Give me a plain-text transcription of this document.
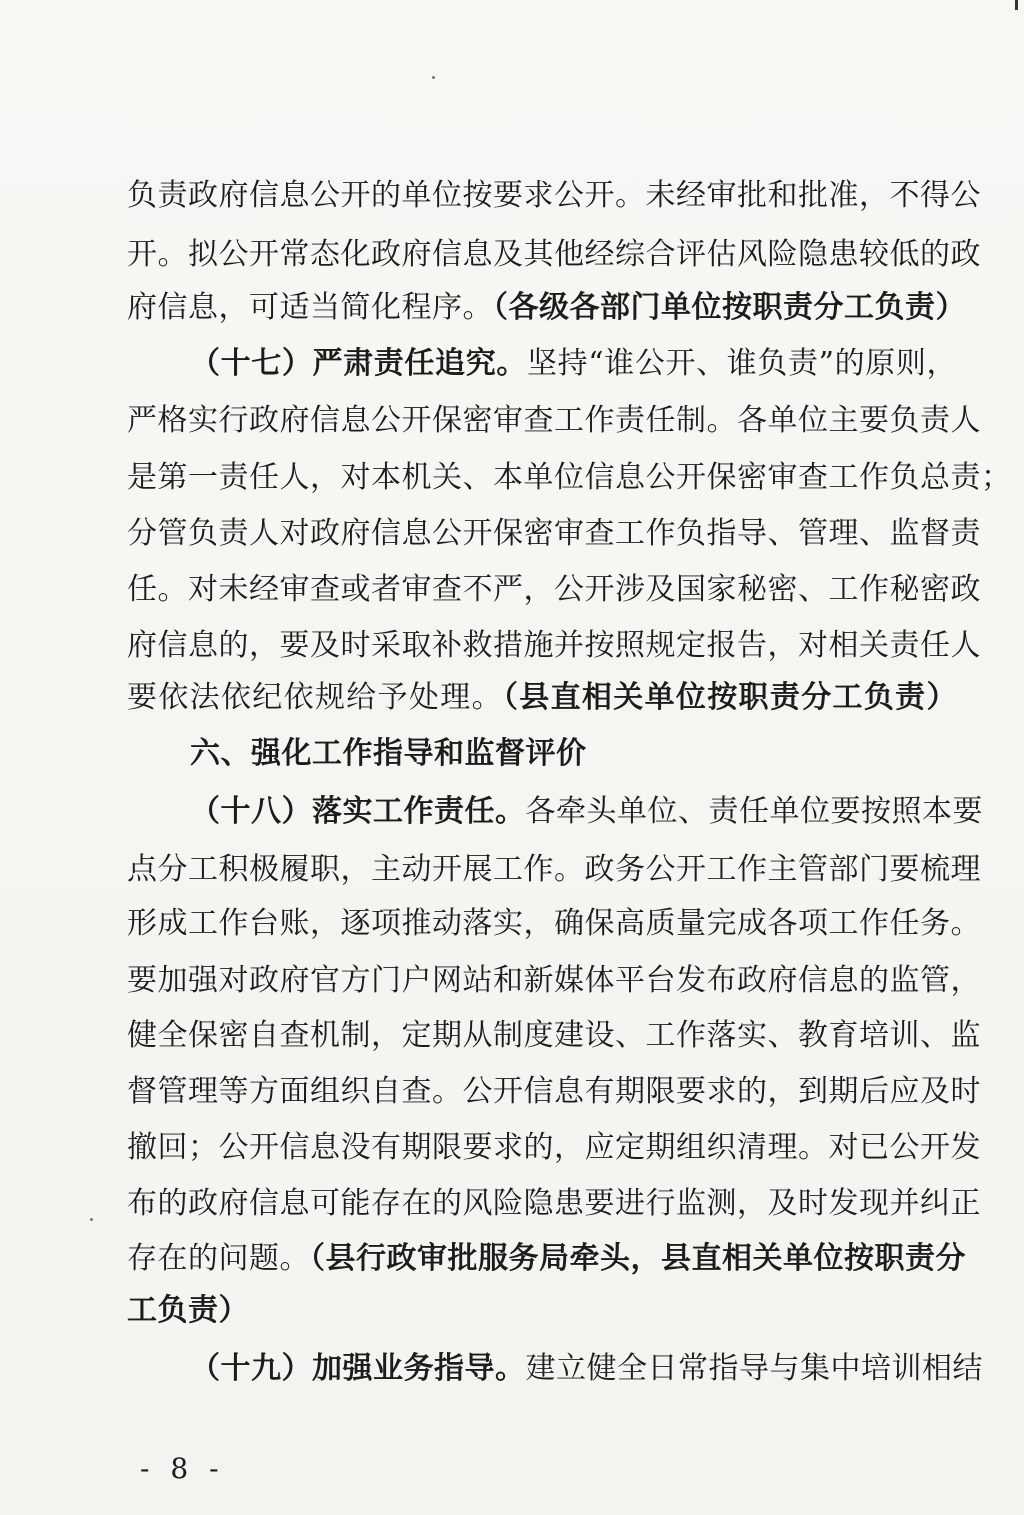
负责政府信息公开的单位按要求公开。未经审批和批准，不得公
开。拟公开常态化政府信息及其他经综合评估风险隐患较低的政
府信息，可适当简化程序。（各级各部门单位按职责分工负责）
（十七）严肃责任追究。坚持“谁公开、谁负责”的原则，
严格实行政府信息公开保密审查工作责任制。各单位主要负责人
是第一责任人，对本机关、本单位信息公开保密审查工作负总责；
分管负责人对政府信息公开保密审查工作负指导、管理、监督责
任。对未经审查或者审查不严，公开涉及国家秘密、工作秘密政
府信息的，要及时采取补救措施并按照规定报告，对相关责任人
要依法依纪依规给予处理。（县直相关单位按职责分工负责）
六、强化工作指导和监督评价
（十八）落实工作责任。各牵头单位、责任单位要按照本要
点分工积极履职，主动开展工作。政务公开工作主管部门要梳理
形成工作台账，逐项推动落实，确保高质量完成各项工作任务。
要加强对政府官方门户网站和新媒体平台发布政府信息的监管，
健全保密自查机制，定期从制度建设、工作落实、教育培训、监
督管理等方面组织自查。公开信息有期限要求的，到期后应及时
撤回；公开信息没有期限要求的，应定期组织清理。对已公开发
布的政府信息可能存在的风险隐患要进行监测，及时发现并纠正
存在的问题。（县行政审批服务局牵头，县直相关单位按职责分
工负责）
（十九）加强业务指导。建立健全日常指导与集中培训相结
- 8 -
